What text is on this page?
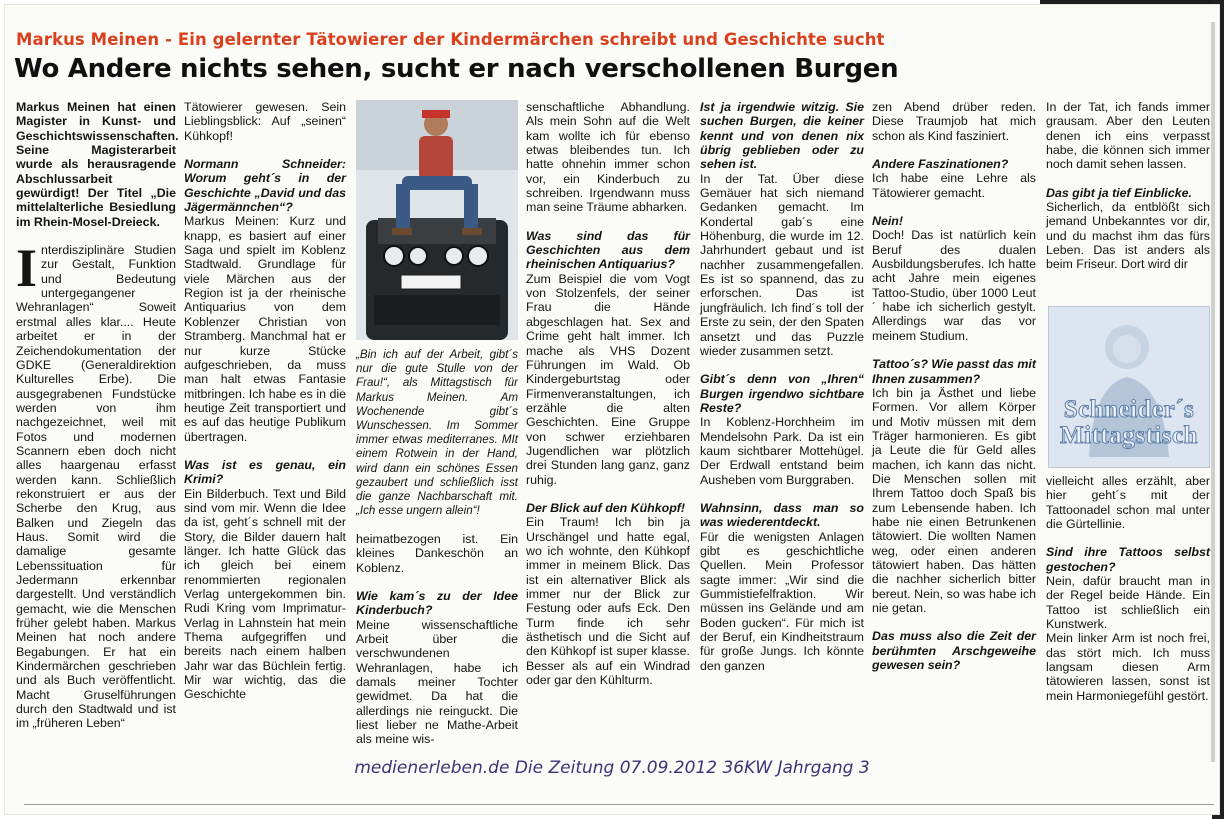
Markus Meinen - Ein gelernter Tätowierer der Kindermärchen schreibt und Geschichte sucht
Wo Andere nichts sehen, sucht er nach verschollenen Burgen

Markus Meinen hat einen Magister in Kunst- und Geschichtswissenschaften. Seine Magisterarbeit wurde als herausragende Abschlussarbeit gewürdigt! Der Titel „Die mittelalterliche Besiedlung im Rhein-Mosel-Dreieck.

Interdisziplinäre Studien zur Gestalt, Funktion und Bedeutung untergegangener Wehranlagen“ Soweit erstmal alles klar.... Heute arbeitet er in der Zeichendokumentation der GDKE (Generaldirektion Kulturelles Erbe). Die ausgegrabenen Fundstücke werden von ihm nachgezeichnet, weil mit Fotos und modernen Scannern eben doch nicht alles haargenau erfasst werden kann. Schließlich rekonstruiert er aus der Scherbe den Krug, aus Balken und Ziegeln das Haus. Somit wird die damalige gesamte Lebenssituation für Jedermann erkennbar dargestellt. Und verständlich gemacht, wie die Menschen früher gelebt haben. Markus Meinen hat noch andere Begabungen. Er hat ein Kindermärchen geschrieben und als Buch veröffentlicht. Macht Gruselführungen durch den Stadtwald und ist im „früheren Leben“

Tätowierer gewesen. Sein Lieblingsblick: Auf „seinen“ Kühkopf!

Normann Schneider: Worum geht´s in der Geschichte „David und das Jägermännchen“?

Markus Meinen: Kurz und knapp, es basiert auf einer Saga und spielt im Koblenz Stadtwald. Grundlage für viele Märchen aus der Region ist ja der rheinische Antiquarius von dem Koblenzer Christian von Stramberg. Manchmal hat er nur kurze Stücke aufgeschrieben, da muss man halt etwas Fantasie mitbringen. Ich habe es in die heutige Zeit transportiert und es auf das heutige Publikum übertragen.

Was ist es genau, ein Krimi?

Ein Bilderbuch. Text und Bild sind vom mir. Wenn die Idee da ist, geht´s schnell mit der Story, die Bilder dauern halt länger. Ich hatte Glück das ich gleich bei einem renommierten regionalen Verlag untergekommen bin. Rudi Kring vom Imprimatur-Verlag in Lahnstein hat mein Thema aufgegriffen und bereits nach einem halben Jahr war das Büchlein fertig. Mir war wichtig, das die Geschichte

„Bin ich auf der Arbeit, gibt´s nur die gute Stulle von der Frau!“, als Mittagstisch für Markus Meinen. Am Wochenende gibt´s Wunschessen. Im Sommer immer etwas mediterranes. MIt einem Rotwein in der Hand, wird dann ein schönes Essen gezaubert und schließlich isst die ganze Nachbarschaft mit. „Ich esse ungern allein“!

heimatbezogen ist. Ein kleines Dankeschön an Koblenz.

Wie kam´s zu der Idee Kinderbuch?

Meine wissenschaftliche Arbeit über die verschwundenen Wehranlagen, habe ich damals meiner Tochter gewidmet. Da hat die allerdings nie reinguckt. Die liest lieber ne Mathe-Arbeit als meine wis-

senschaftliche Abhandlung. Als mein Sohn auf die Welt kam wollte ich für ebenso etwas bleibendes tun. Ich hatte ohnehin immer schon vor, ein Kinderbuch zu schreiben. Irgendwann muss man seine Träume abharken.

Was sind das für Geschichten aus dem rheinischen Antiquarius?

Zum Beispiel die vom Vogt von Stolzenfels, der seiner Frau die Hände abgeschlagen hat. Sex and Crime geht halt immer. Ich mache als VHS Dozent Führungen im Wald. Ob Kindergeburtstag oder Firmenveranstaltungen, ich erzähle die alten Geschichten. Eine Gruppe von schwer erziehbaren Jugendlichen war plötzlich drei Stunden lang ganz, ganz ruhig.

Der Blick auf den Kühkopf!

Ein Traum! Ich bin ja Urschängel und hatte egal, wo ich wohnte, den Kühkopf immer in meinem Blick. Das ist ein alternativer Blick als immer nur der Blick zur Festung oder aufs Eck. Den Turm finde ich sehr ästhetisch und die Sicht auf den Kühkopf ist super klasse. Besser als auf ein Windrad oder gar den Kühlturm.

Ist ja irgendwie witzig. Sie suchen Burgen, die keiner kennt und von denen nix übrig geblieben oder zu sehen ist.

In der Tat. Über diese Gemäuer hat sich niemand Gedanken gemacht. Im Kondertal gab´s eine Höhenburg, die wurde im 12. Jahrhundert gebaut und ist nachher zusammengefallen. Es ist so spannend, das zu erforschen. Das ist jungfräulich. Ich find´s toll der Erste zu sein, der den Spaten ansetzt und das Puzzle wieder zusammen setzt.

Gibt´s denn von „Ihren“ Burgen irgendwo sichtbare Reste?

In Koblenz-Horchheim im Mendelsohn Park. Da ist ein kaum sichtbarer Mottehügel. Der Erdwall entstand beim Ausheben vom Burggraben.

Wahnsinn, dass man so was wiederentdeckt.

Für die wenigsten Anlagen gibt es geschichtliche Quellen. Mein Professor sagte immer: „Wir sind die Gummistiefelfraktion. Wir müssen ins Gelände und am Boden gucken“. Für mich ist der Beruf, ein Kindheitstraum für große Jungs. Ich könnte den ganzen

zen Abend drüber reden. Diese Traumjob hat mich schon als Kind fasziniert.

Andere Faszinationen?

Ich habe eine Lehre als Tätowierer gemacht.

Nein!

Doch! Das ist natürlich kein Beruf des dualen Ausbildungsberufes. Ich hatte acht Jahre mein eigenes Tattoo-Studio, über 1000 Leut´ habe ich sicherlich gestylt. Allerdings war das vor meinem Studium.

Tattoo´s? Wie passt das mit Ihnen zusammen?

Ich bin ja Ästhet und liebe Formen. Vor allem Körper und Motiv müssen mit dem Träger harmonieren. Es gibt ja Leute die für Geld alles machen, ich kann das nicht. Die Menschen sollen mit Ihrem Tattoo doch Spaß bis zum Lebensende haben. Ich habe nie einen Betrunkenen tätowiert. Die wollten Namen weg, oder einen anderen tätowiert haben. Das hätten die nachher sicherlich bitter bereut. Nein, so was habe ich nie getan.

Das muss also die Zeit der berühmten Arschgeweihe gewesen sein?

In der Tat, ich fands immer grausam. Aber den Leuten denen ich eins verpasst habe, die können sich immer noch damit sehen lassen.

Das gibt ja tief Einblicke.

Sicherlich, da entblößt sich jemand Unbekanntes vor dir, und du machst ihm das fürs Leben. Das ist anders als beim Friseur. Dort wird dir

Schneider´s Mittagstisch

vielleicht alles erzählt, aber hier geht´s mit der Tattoonadel schon mal unter die Gürtellinie.

Sind ihre Tattoos selbst gestochen?

Nein, dafür braucht man in der Regel beide Hände. Ein Tattoo ist schließlich ein Kunstwerk.

Mein linker Arm ist noch frei, das stört mich. Ich muss langsam diesen Arm tätowieren lassen, sonst ist mein Harmoniegefühl gestört.

medienerleben.de Die Zeitung 07.09.2012 36KW Jahrgang 3
